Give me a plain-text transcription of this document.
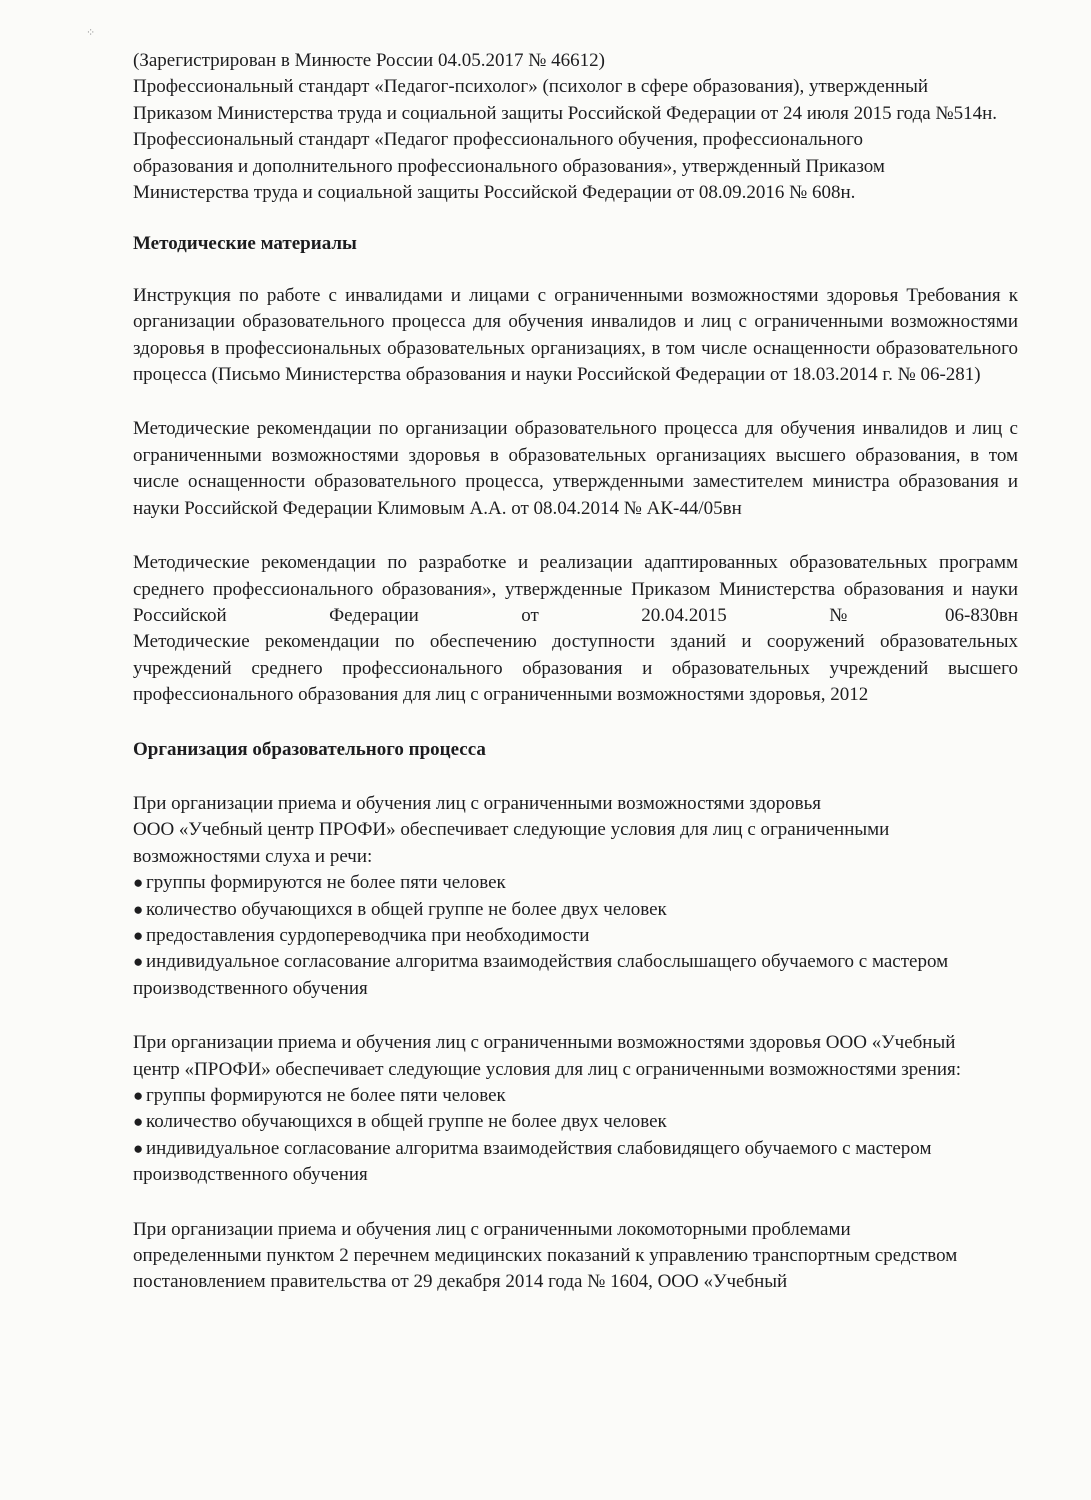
⁘

(Зарегистрирован в Минюсте России 04.05.2017 № 46612)

Профессиональный стандарт «Педагог-психолог» (психолог в сфере образования), утвержденный Приказом Министерства труда и социальной защиты Российской Федерации от 24 июля 2015 года №514н.

Профессиональный стандарт «Педагог профессионального обучения, профессионального образования и дополнительного профессионального образования», утвержденный Приказом Министерства труда и социальной защиты Российской Федерации от 08.09.2016 № 608н.

Методические материалы

Инструкция по работе с инвалидами и лицами с ограниченными возможностями здоровья Требования к организации образовательного процесса для обучения инвалидов и лиц с ограниченными возможностями здоровья в профессиональных образовательных организациях, в том числе оснащенности образовательного процесса (Письмо Министерства образования и науки Российской Федерации от 18.03.2014 г. № 06-281)

Методические рекомендации по организации образовательного процесса для обучения инвалидов и лиц с ограниченными возможностями здоровья в образовательных организациях высшего образования, в том числе оснащенности образовательного процесса, утвержденными заместителем министра образования и науки Российской Федерации Климовым А.А. от 08.04.2014 № АК-44/05вн

Методические рекомендации по разработке и реализации адаптированных образовательных программ среднего профессионального образования», утвержденные Приказом Министерства образования и науки Российской Федерации от 20.04.2015 №06-830вн

Методические рекомендации по обеспечению доступности зданий и сооружений образовательных учреждений среднего профессионального образования и образовательных учреждений высшего профессионального образования для лиц с ограниченными возможностями здоровья, 2012

Организация образовательного процесса

При организации приема и обучения лиц с ограниченными возможностями здоровья

ООО «Учебный центр ПРОФИ» обеспечивает следующие условия для лиц с ограниченными возможностями слуха и речи:

● группы формируются не более пяти человек

● количество обучающихся в общей группе не более двух человек

● предоставления сурдопереводчика при необходимости

● индивидуальное согласование алгоритма взаимодействия слабослышащего обучаемого с мастером производственного обучения

При организации приема и обучения лиц с ограниченными возможностями здоровья ООО «Учебный центр «ПРОФИ» обеспечивает следующие условия для лиц с ограниченными возможностями зрения:

● группы формируются не более пяти человек

● количество обучающихся в общей группе не более двух человек

● индивидуальное согласование алгоритма взаимодействия слабовидящего обучаемого с мастером производственного обучения

При организации приема и обучения лиц с ограниченными локомоторными проблемами определенными пунктом 2 перечнем медицинских показаний к управлению транспортным средством постановлением правительства от 29 декабря 2014 года № 1604, ООО «Учебный
